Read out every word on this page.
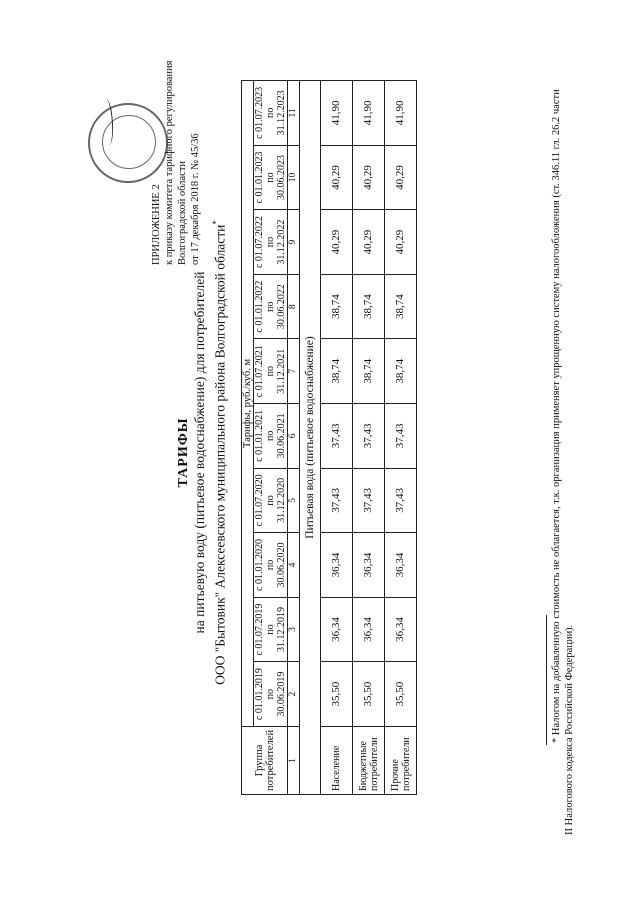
ПРИЛОЖЕНИЕ 2 к приказу комитета тарифного регулирования Волгоградской области от 17 декабря 2018 г. № 45/36
ТАРИФЫ на питьевую воду (питьевое водоснабжение) для потребителей ООО "Бытовик" Алексеевского муниципального района Волгоградской области*
Группа потребителей	Тарифы, руб./куб. м									
	с 01.01.2019 по 30.06.2019	с 01.07.2019 по 31.12.2019	с 01.01.2020 по 30.06.2020	с 01.07.2020 по 31.12.2020	с 01.01.2021 по 30.06.2021	с 01.07.2021 по 31.12.2021	с 01.01.2022 по 30.06.2022	с 01.07.2022 по 31.12.2022	с 01.01.2023 по 30.06.2023	с 01.07.2023 по 31.12.2023
1	2	3	4	5	6	7	8	9	10	11
Питьевая вода (питьевое водоснабжение)										
Население	35,50	36,34	36,34	37,43	37,43	38,74	38,74	40,29	40,29	41,90
Бюджетные потребители	35,50	36,34	36,34	37,43	37,43	38,74	38,74	40,29	40,29	41,90
Прочие потребители	35,50	36,34	36,34	37,43	37,43	38,74	38,74	40,29	40,29	41,90	* Налогом на добавленную стоимость не облагается, т.к. организация применяет упрощенную систему налогообложения (ст. 346.11 гл. 26.2 части II Налогового кодекса Российской Федерации).
